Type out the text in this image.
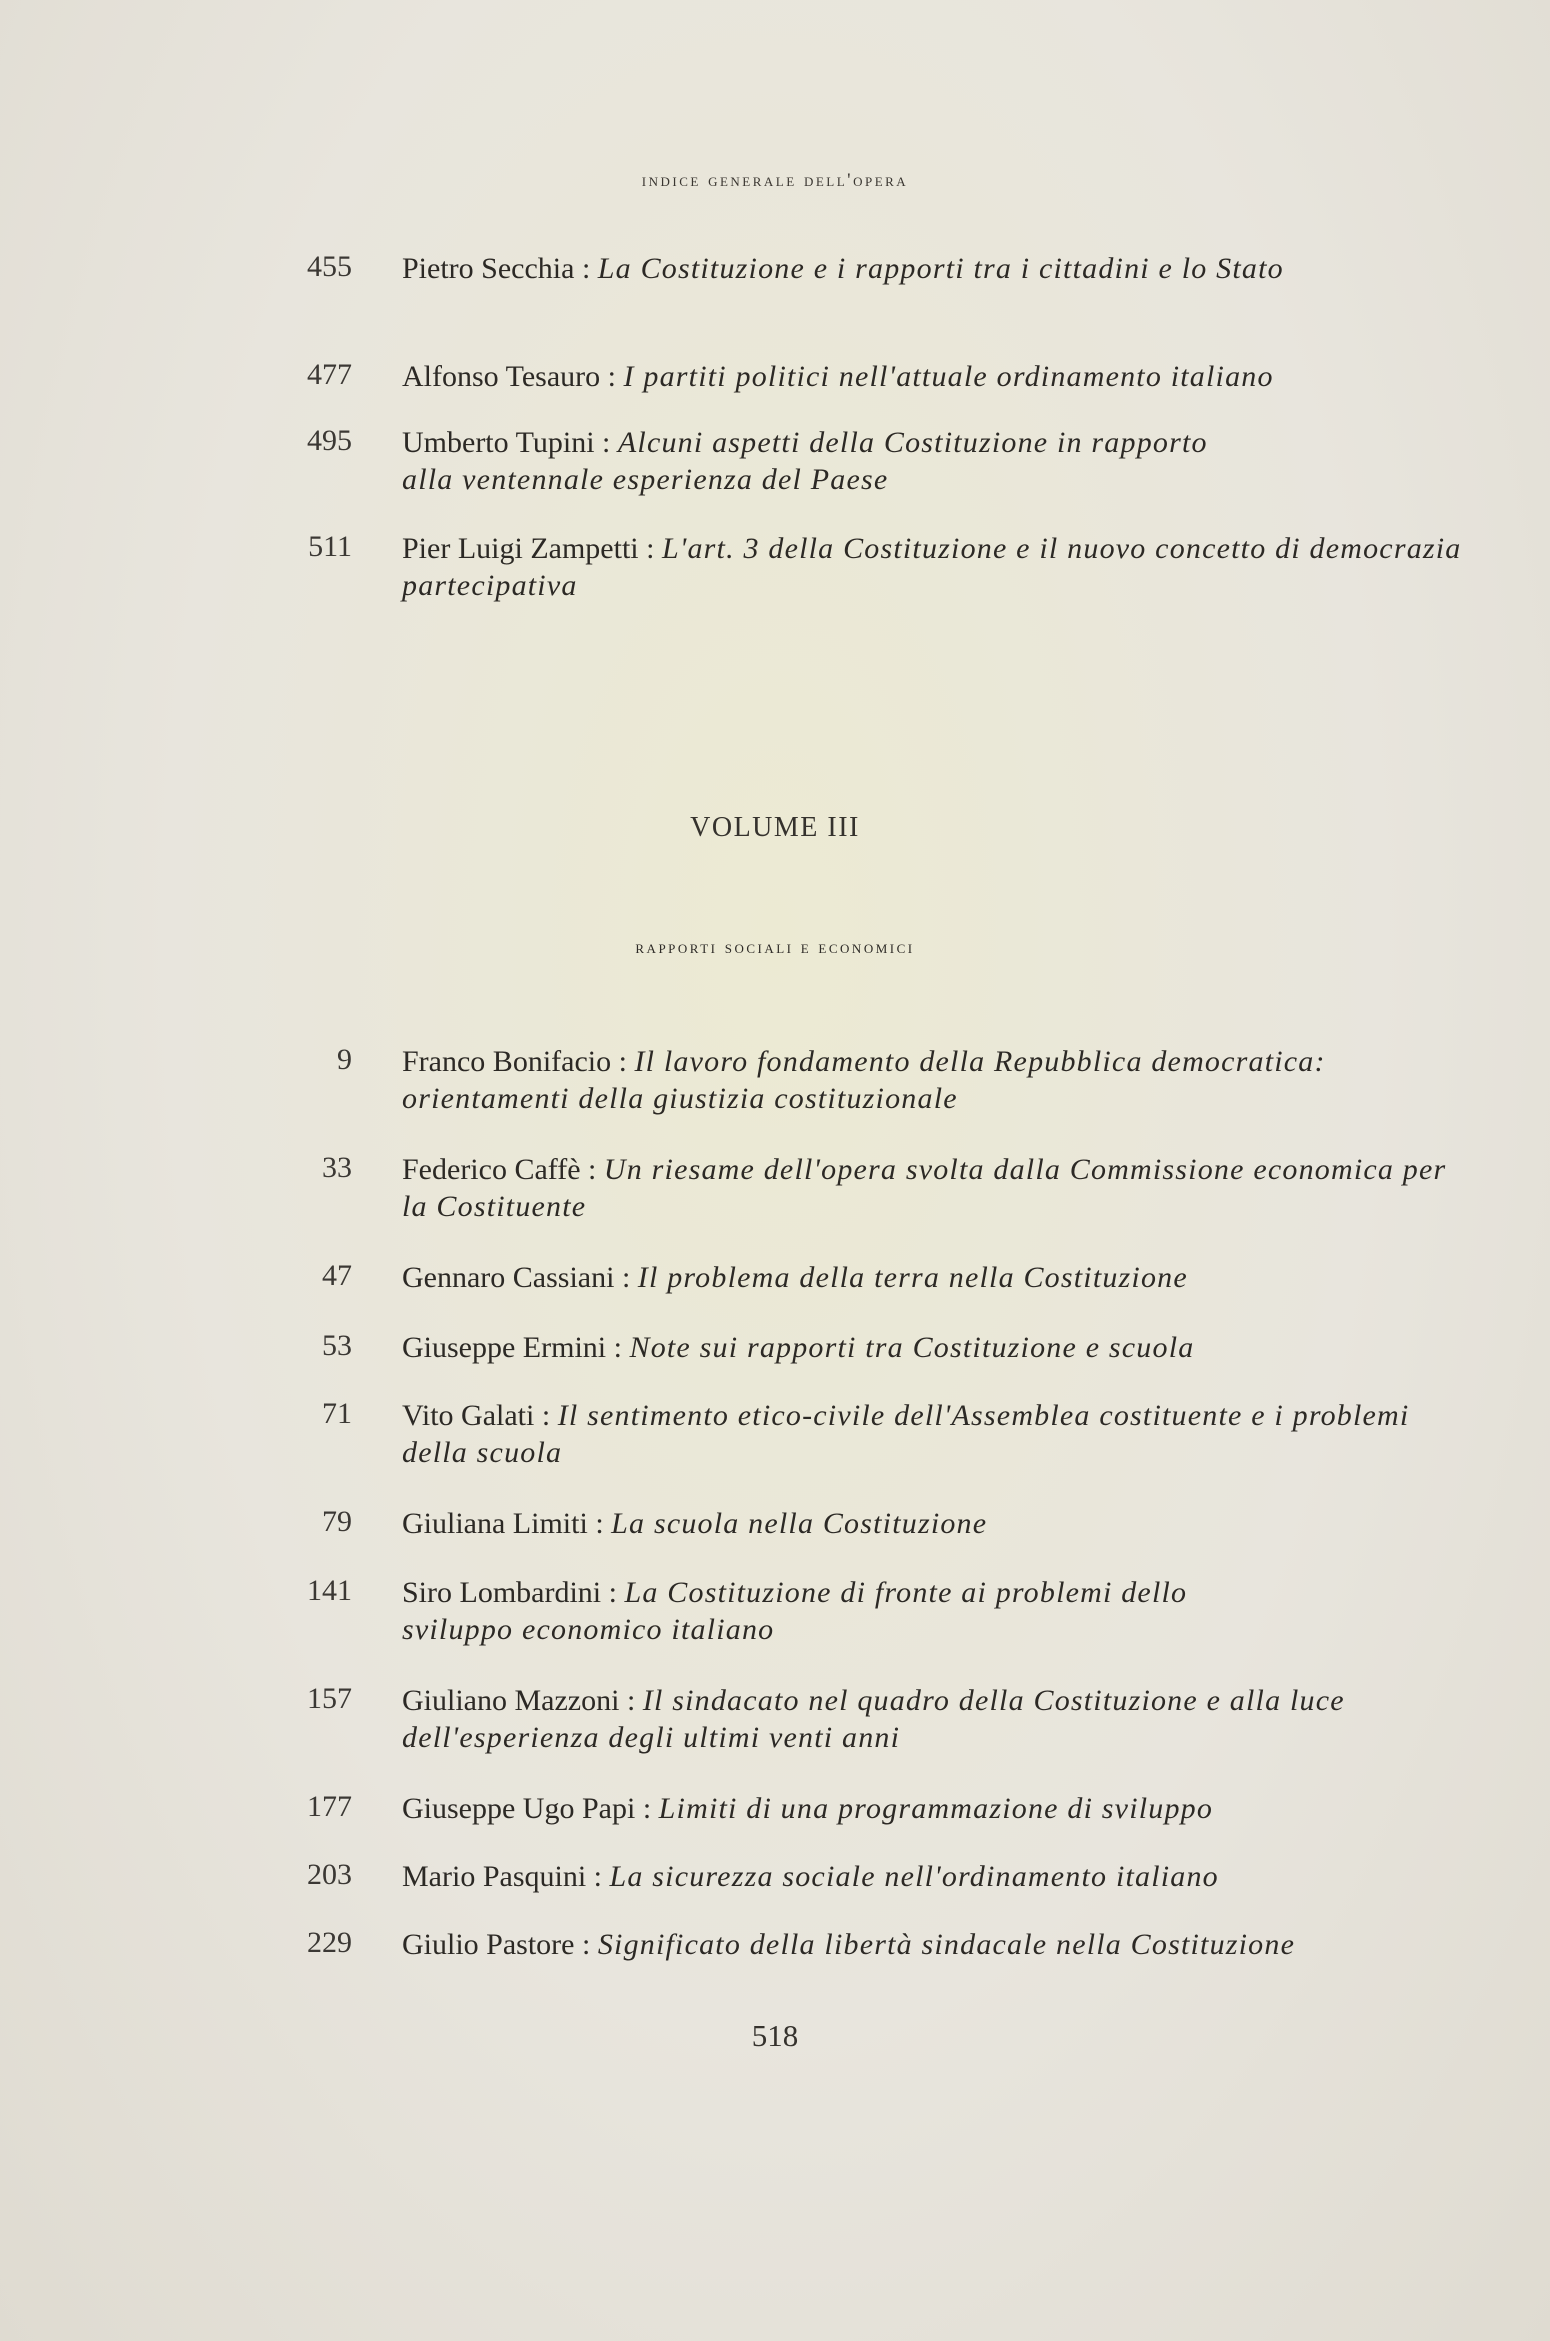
indice generale dell'opera
455 Pietro Secchia : La Costituzione e i rapporti tra i cittadini e lo Stato
477 Alfonso Tesauro : I partiti politici nell'attuale ordinamento italiano
495 Umberto Tupini : Alcuni aspetti della Costituzione in rapporto alla ventennale esperienza del Paese
511 Pier Luigi Zampetti : L'art. 3 della Costituzione e il nuovo concetto di democrazia partecipativa
VOLUME III
rapporti sociali e economici
9 Franco Bonifacio : Il lavoro fondamento della Repubblica democratica: orientamenti della giustizia costituzionale
33 Federico Caffè : Un riesame dell'opera svolta dalla Commissione economica per la Costituente
47 Gennaro Cassiani : Il problema della terra nella Costituzione
53 Giuseppe Ermini : Note sui rapporti tra Costituzione e scuola
71 Vito Galati : Il sentimento etico-civile dell'Assemblea costituente e i problemi della scuola
79 Giuliana Limiti : La scuola nella Costituzione
141 Siro Lombardini : La Costituzione di fronte ai problemi dello sviluppo economico italiano
157 Giuliano Mazzoni : Il sindacato nel quadro della Costituzione e alla luce dell'esperienza degli ultimi venti anni
177 Giuseppe Ugo Papi : Limiti di una programmazione di sviluppo
203 Mario Pasquini : La sicurezza sociale nell'ordinamento italiano
229 Giulio Pastore : Significato della libertà sindacale nella Costituzione
518
